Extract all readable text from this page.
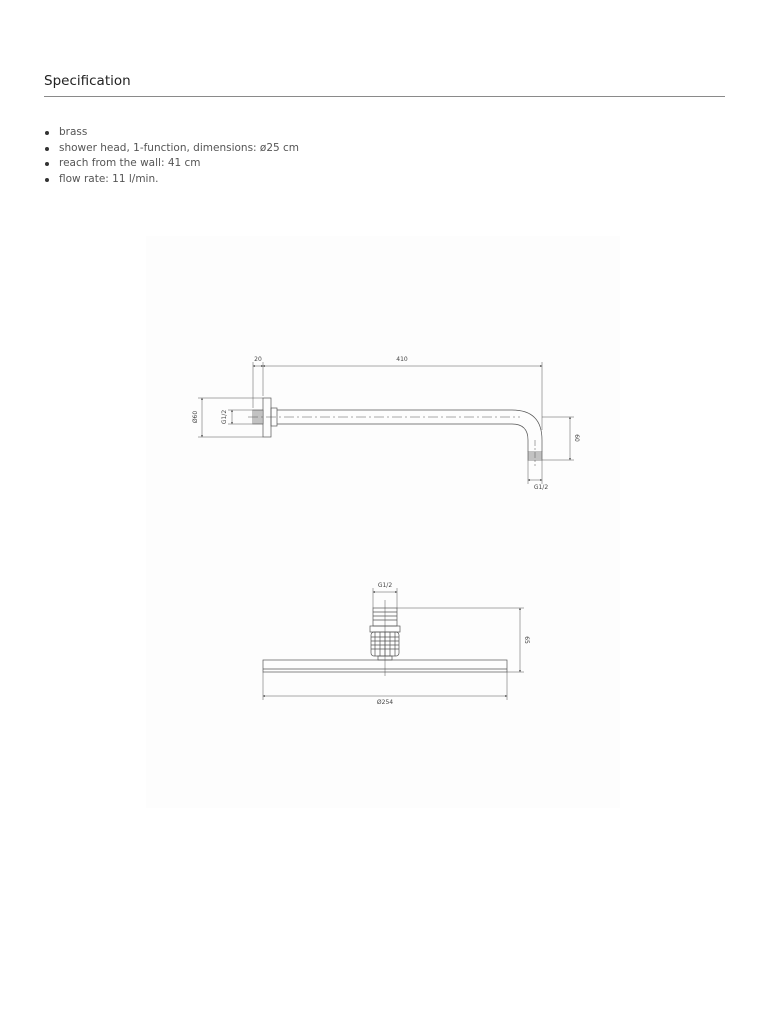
Specification
brass
shower head, 1-function, dimensions: ø25 cm
reach from the wall: 41 cm
flow rate: 11 l/min.
20	410
Ø60	G1/2
60
G1/2
G1/2
65
Ø254
